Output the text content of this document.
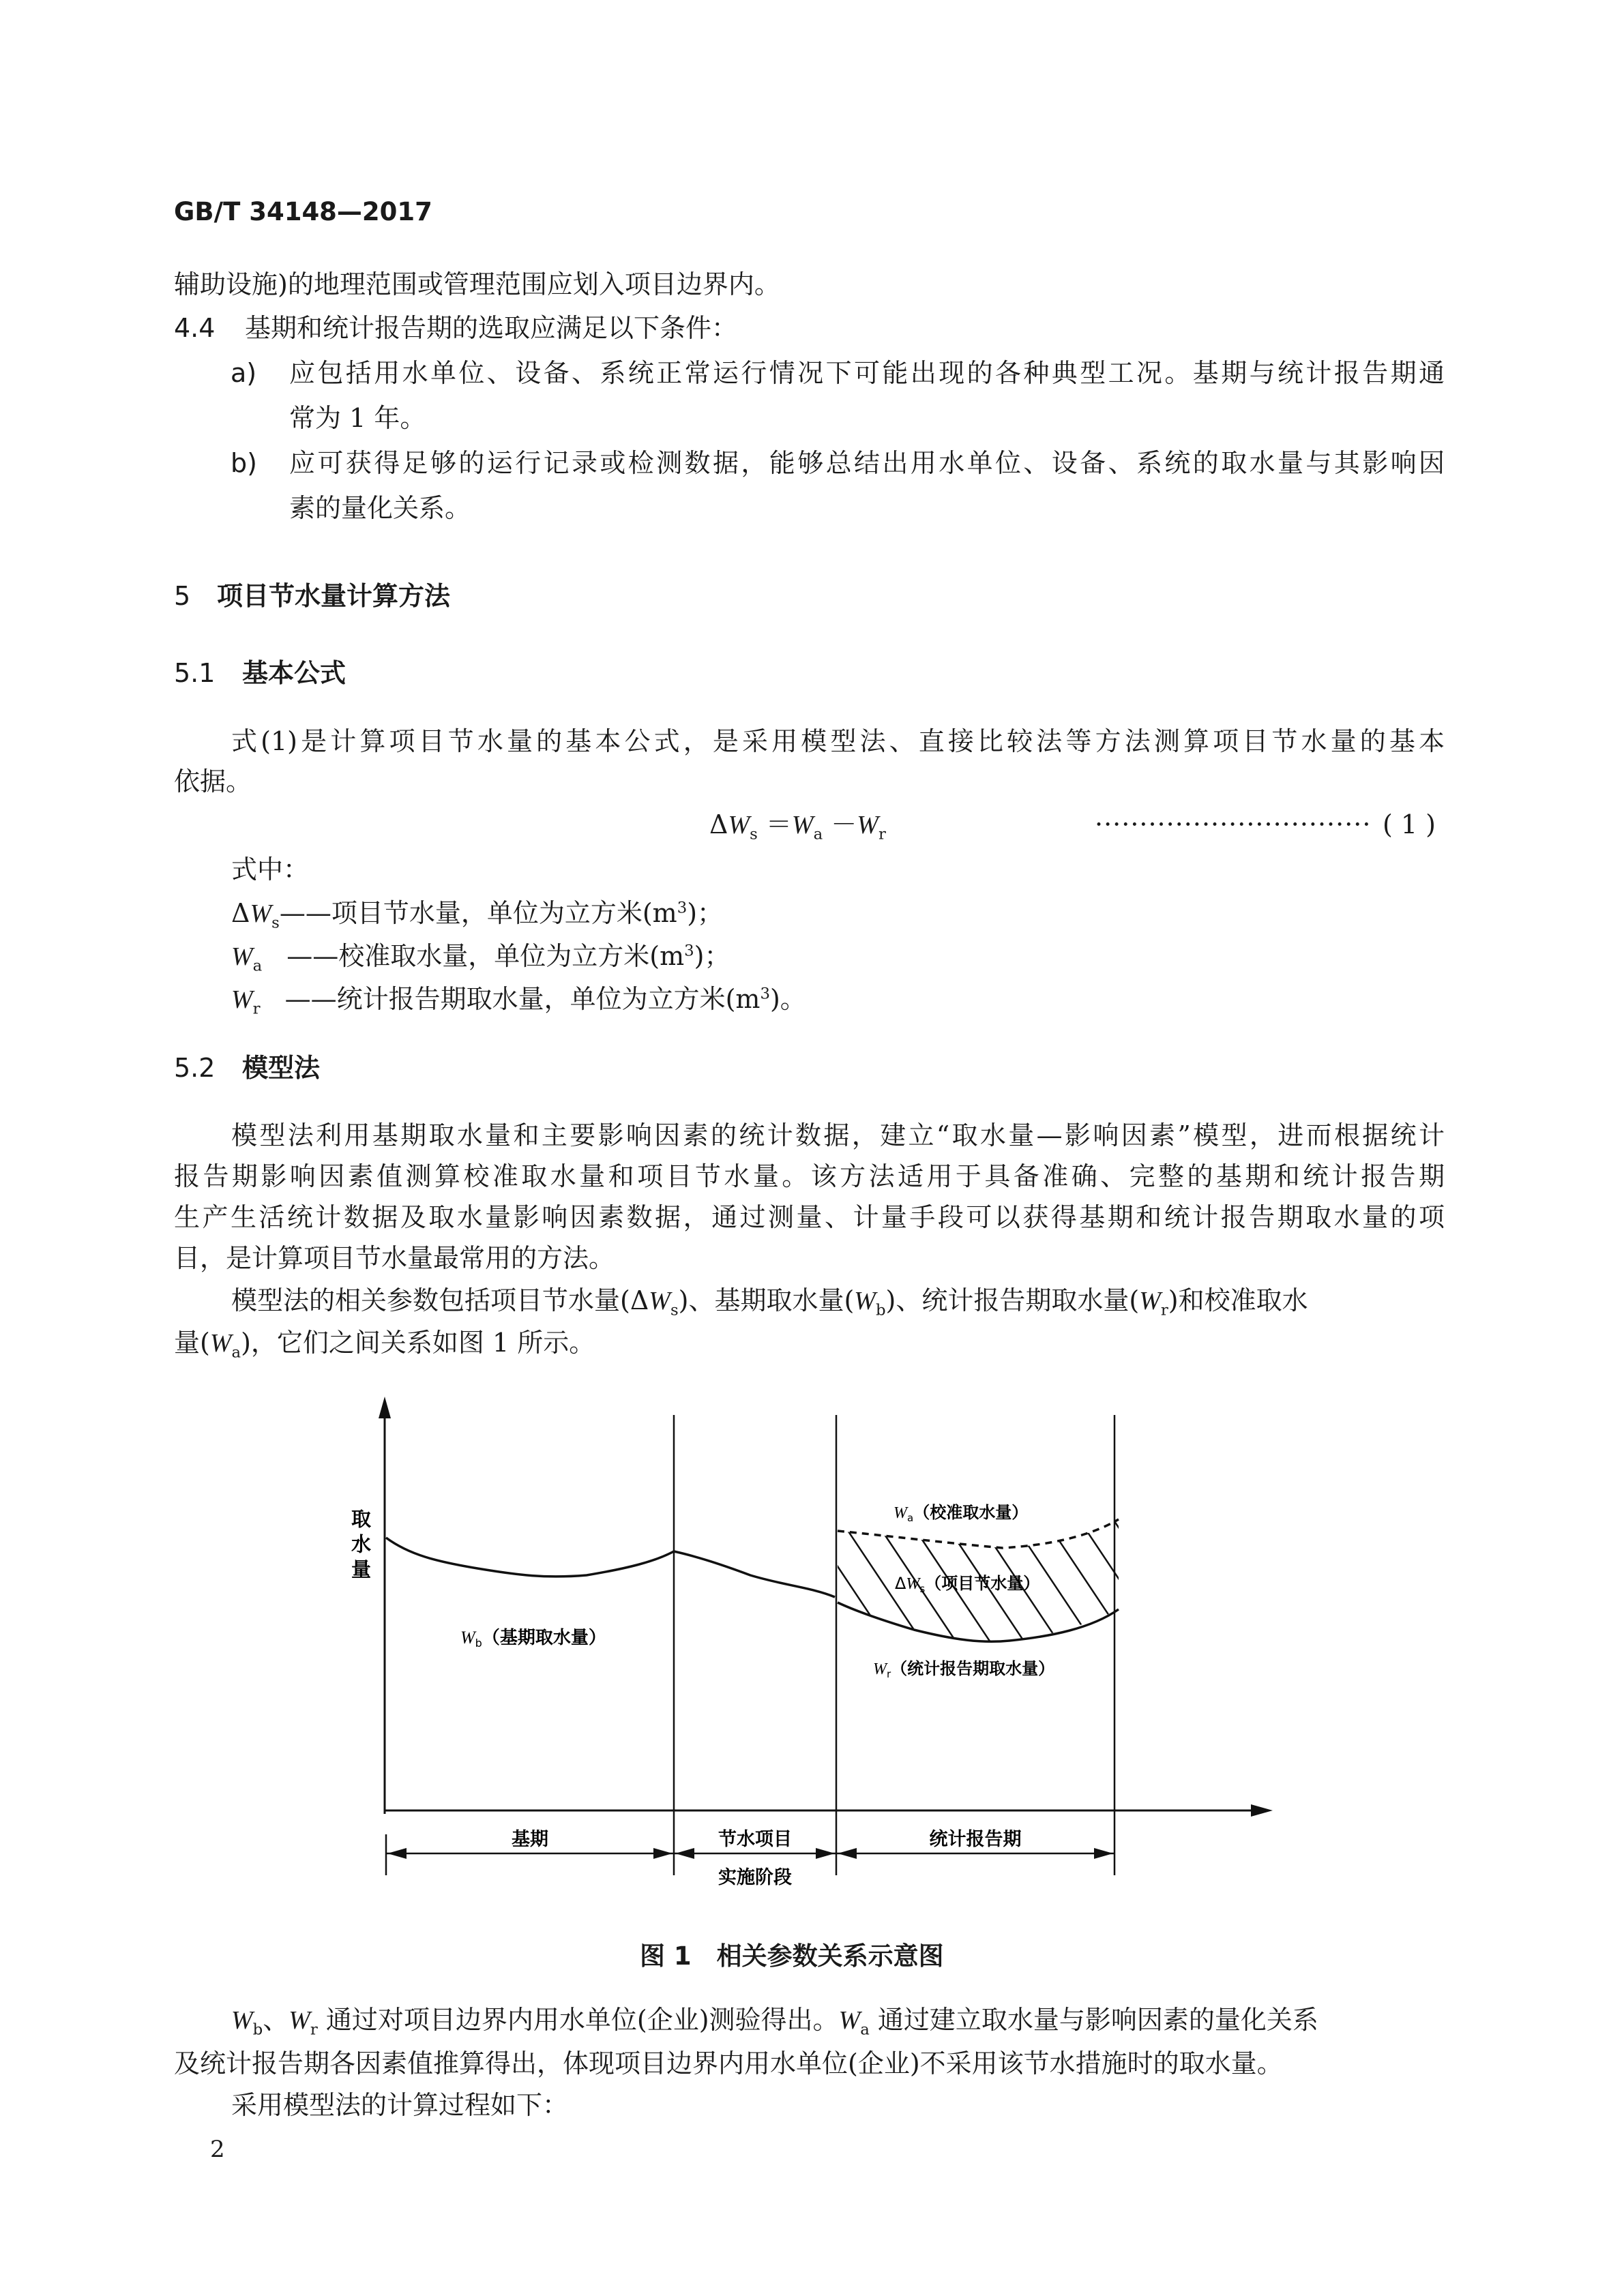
GB/T 34148—2017
辅助设施)的地理范围或管理范围应划入项目边界内。
4.4 基期和统计报告期的选取应满足以下条件：
a) 应包括用水单位、设备、系统正常运行情况下可能出现的各种典型工况。基期与统计报告期通
常为 1 年。
b) 应可获得足够的运行记录或检测数据，能够总结出用水单位、设备、系统的取水量与其影响因
素的量化关系。
5 项目节水量计算方法
5.1 基本公式
式(1)是计算项目节水量的基本公式，是采用模型法、直接比较法等方法测算项目节水量的基本
依据。
$\Delta W_s =W_a -W_r$	······························· ( 1 )
式中：
$\Delta W_s——$项目节水量，单位为立方米$(m^3)$；
$W_a$ ——校准取水量，单位为立方米$(m^3)$；
$W_r$ ——统计报告期取水量，单位为立方米$(m^3)$。
5.2 模型法
模型法利用基期取水量和主要影响因素的统计数据，建立“取水量—影响因素”模型，进而根据统计
报告期影响因素值测算校准取水量和项目节水量。该方法适用于具备准确、完整的基期和统计报告期
生产生活统计数据及取水量影响因素数据，通过测量、计量手段可以获得基期和统计报告期取水量的项
目，是计算项目节水量最常用的方法。
模型法的相关参数包括项目节水量$(\Delta W_s)$、基期取水量$(W_b)$、统计报告期取水量$(W_r)$和校准取水
量$(W_a)$，它们之间关系如图 1 所示。
取水量	$W_a$（校准取水量）
$\Delta W_s$（项目节水量）
Wb（基期取水量）
$W_r$（统计报告期取水量）
基期	节水项目
实施阶段
统计报告期
图 1　相关参数关系示意图
$W_b$、$W_r$ 通过对项目边界内用水单位(企业)测验得出。$W_a$ 通过建立取水量与影响因素的量化关系
及统计报告期各因素值推算得出，体现项目边界内用水单位(企业)不采用该节水措施时的取水量。
采用模型法的计算过程如下：
2
